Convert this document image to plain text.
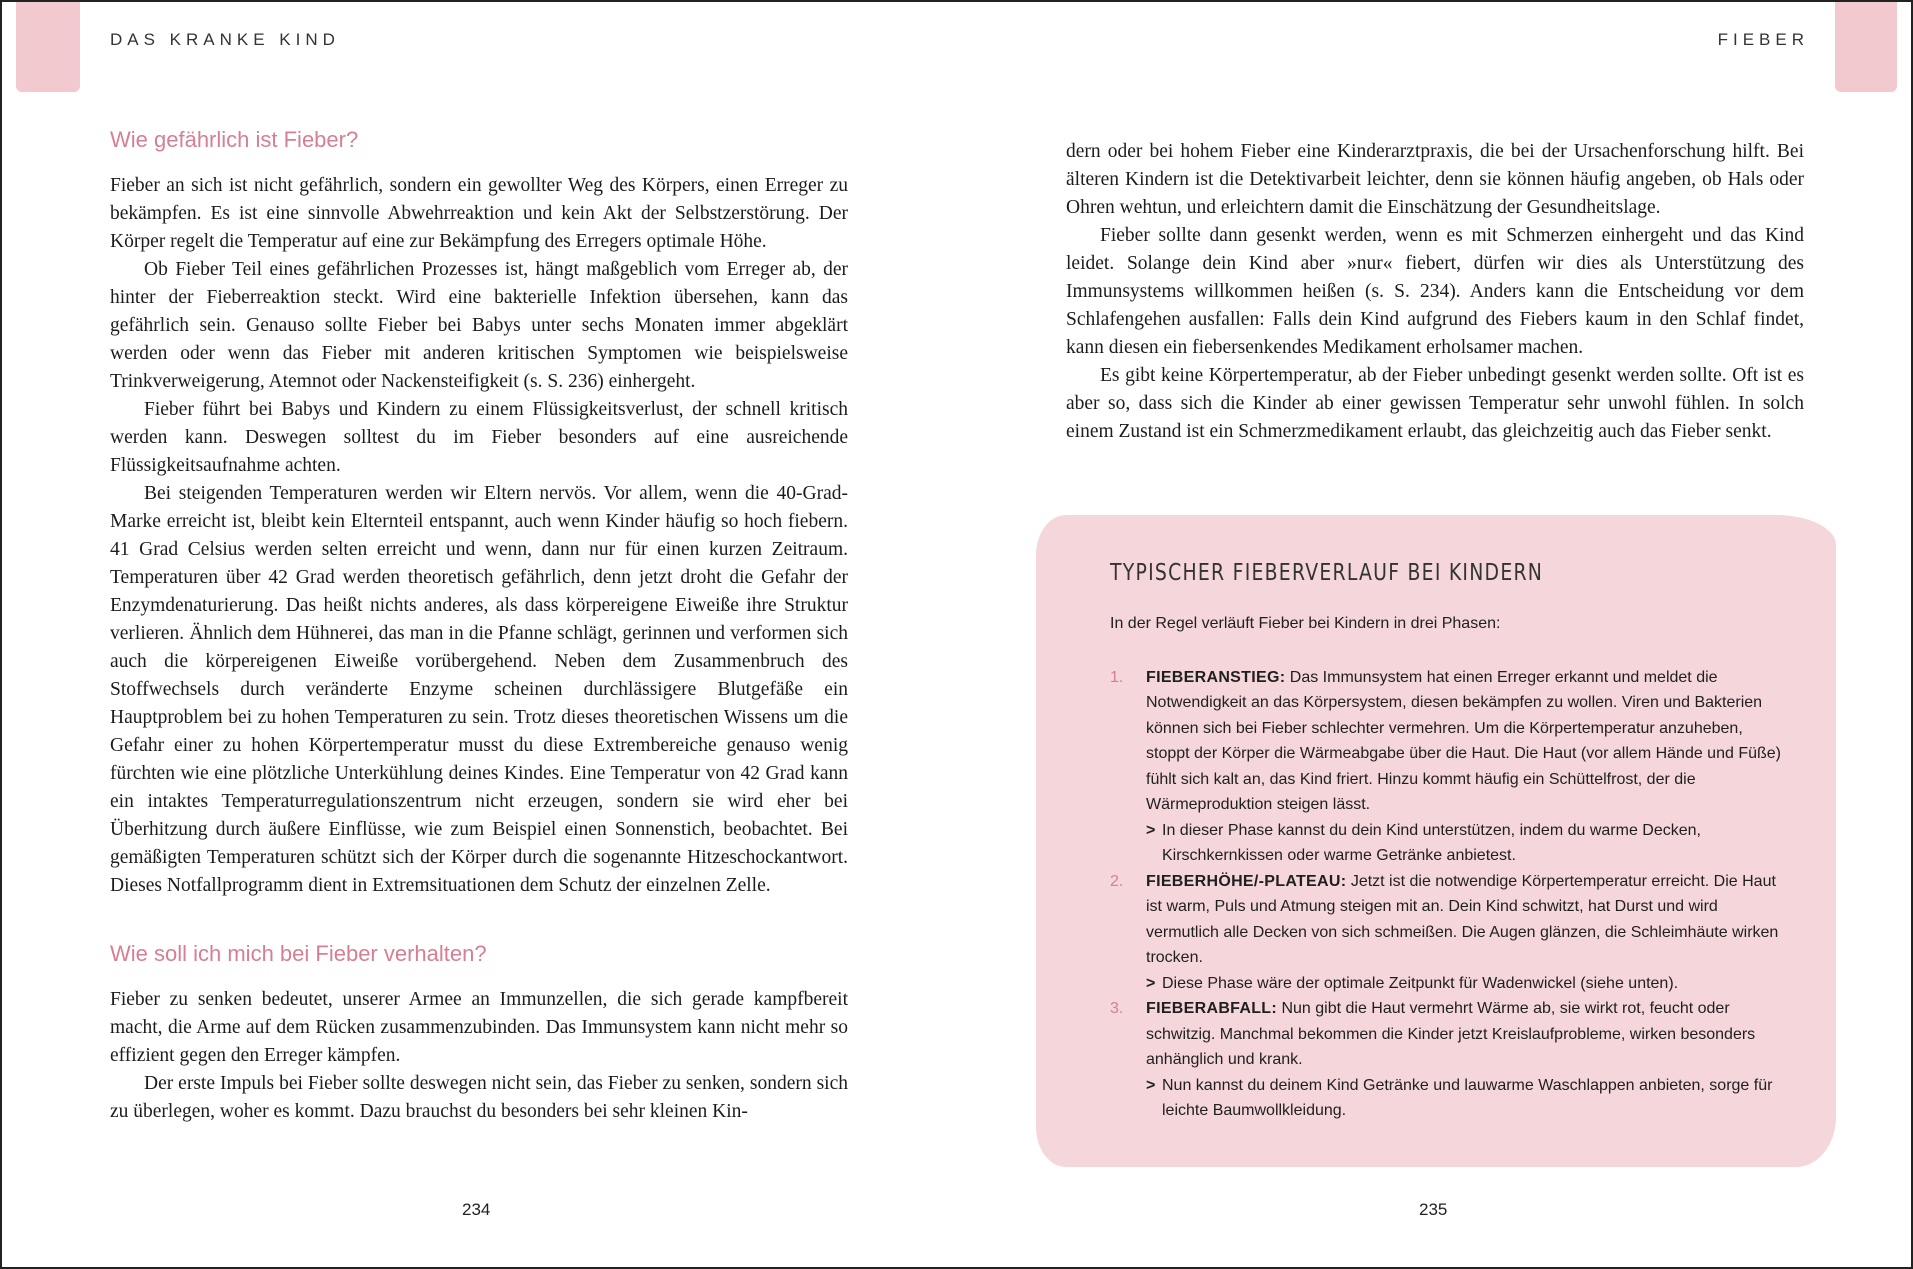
DAS KRANKE KIND	FIEBER
Wie gefährlich ist Fieber?

Fieber an sich ist nicht gefährlich, sondern ein gewollter Weg des Körpers, einen Erreger zu bekämpfen. Es ist eine sinnvolle Abwehrreaktion und kein Akt der Selbstzerstörung. Der Körper regelt die Temperatur auf eine zur Bekämpfung des Erregers optimale Höhe.

Ob Fieber Teil eines gefährlichen Prozesses ist, hängt maßgeblich vom Erreger ab, der hinter der Fieberreaktion steckt. Wird eine bakterielle Infektion übersehen, kann das gefährlich sein. Genauso sollte Fieber bei Babys unter sechs Monaten immer abgeklärt werden oder wenn das Fieber mit anderen kritischen Symptomen wie beispielsweise Trinkverweigerung, Atemnot oder Nackensteifigkeit (s. S. 236) einhergeht.

Fieber führt bei Babys und Kindern zu einem Flüssigkeitsverlust, der schnell kritisch werden kann. Deswegen solltest du im Fieber besonders auf eine ausreichende Flüssigkeitsaufnahme achten.

Bei steigenden Temperaturen werden wir Eltern nervös. Vor allem, wenn die 40-Grad-Marke erreicht ist, bleibt kein Elternteil entspannt, auch wenn Kinder häufig so hoch fiebern. 41 Grad Celsius werden selten erreicht und wenn, dann nur für einen kurzen Zeitraum. Temperaturen über 42 Grad werden theoretisch gefährlich, denn jetzt droht die Gefahr der Enzymdenaturierung. Das heißt nichts anderes, als dass körpereigene Eiweiße ihre Struktur verlieren. Ähnlich dem Hühnerei, das man in die Pfanne schlägt, gerinnen und verformen sich auch die körpereigenen Eiweiße vorübergehend. Neben dem Zusammenbruch des Stoffwechsels durch veränderte Enzyme scheinen durchlässigere Blutgefäße ein Hauptproblem bei zu hohen Temperaturen zu sein. Trotz dieses theoretischen Wissens um die Gefahr einer zu hohen Körpertemperatur musst du diese Extrembereiche genauso wenig fürchten wie eine plötzliche Unterkühlung deines Kindes. Eine Temperatur von 42 Grad kann ein intaktes Temperaturregulationszentrum nicht erzeugen, sondern sie wird eher bei Überhitzung durch äußere Einflüsse, wie zum Beispiel einen Sonnenstich, beobachtet. Bei gemäßigten Temperaturen schützt sich der Körper durch die sogenannte Hitzeschockantwort. Dieses Notfallprogramm dient in Extremsituationen dem Schutz der einzelnen Zelle.

Wie soll ich mich bei Fieber verhalten?

Fieber zu senken bedeutet, unserer Armee an Immunzellen, die sich gerade kampfbereit macht, die Arme auf dem Rücken zusammenzubinden. Das Immunsystem kann nicht mehr so effizient gegen den Erreger kämpfen.

Der erste Impuls bei Fieber sollte deswegen nicht sein, das Fieber zu senken, sondern sich zu überlegen, woher es kommt. Dazu brauchst du besonders bei sehr kleinen Kin-

234

dern oder bei hohem Fieber eine Kinderarztpraxis, die bei der Ursachenforschung hilft. Bei älteren Kindern ist die Detektivarbeit leichter, denn sie können häufig angeben, ob Hals oder Ohren wehtun, und erleichtern damit die Einschätzung der Gesundheitslage.

Fieber sollte dann gesenkt werden, wenn es mit Schmerzen einhergeht und das Kind leidet. Solange dein Kind aber »nur« fiebert, dürfen wir dies als Unterstützung des Immunsystems willkommen heißen (s. S. 234). Anders kann die Entscheidung vor dem Schlafengehen ausfallen: Falls dein Kind aufgrund des Fiebers kaum in den Schlaf findet, kann diesen ein fiebersenkendes Medikament erholsamer machen.

Es gibt keine Körpertemperatur, ab der Fieber unbedingt gesenkt werden sollte. Oft ist es aber so, dass sich die Kinder ab einer gewissen Temperatur sehr unwohl fühlen. In solch einem Zustand ist ein Schmerzmedikament erlaubt, das gleichzeitig auch das Fieber senkt.

TYPISCHER FIEBERVERLAUF BEI KINDERN

In der Regel verläuft Fieber bei Kindern in drei Phasen:

1. FIEBERANSTIEG: Das Immunsystem hat einen Erreger erkannt und meldet die Notwendigkeit an das Körpersystem, diesen bekämpfen zu wollen. Viren und Bakterien können sich bei Fieber schlechter vermehren. Um die Körpertemperatur anzuheben, stoppt der Körper die Wärmeabgabe über die Haut. Die Haut (vor allem Hände und Füße) fühlt sich kalt an, das Kind friert. Hinzu kommt häufig ein Schüttelfrost, der die Wärmeproduktion steigen lässt.
> In dieser Phase kannst du dein Kind unterstützen, indem du warme Decken, Kirschkernkissen oder warme Getränke anbietest.
2. FIEBERHÖHE/-PLATEAU: Jetzt ist die notwendige Körpertemperatur erreicht. Die Haut ist warm, Puls und Atmung steigen mit an. Dein Kind schwitzt, hat Durst und wird vermutlich alle Decken von sich schmeißen. Die Augen glänzen, die Schleimhäute wirken trocken.
> Diese Phase wäre der optimale Zeitpunkt für Wadenwickel (siehe unten).
3. FIEBERABFALL: Nun gibt die Haut vermehrt Wärme ab, sie wirkt rot, feucht oder schwitzig. Manchmal bekommen die Kinder jetzt Kreislaufprobleme, wirken besonders anhänglich und krank.
> Nun kannst du deinem Kind Getränke und lauwarme Waschlappen anbieten, sorge für leichte Baumwollkleidung.
235
